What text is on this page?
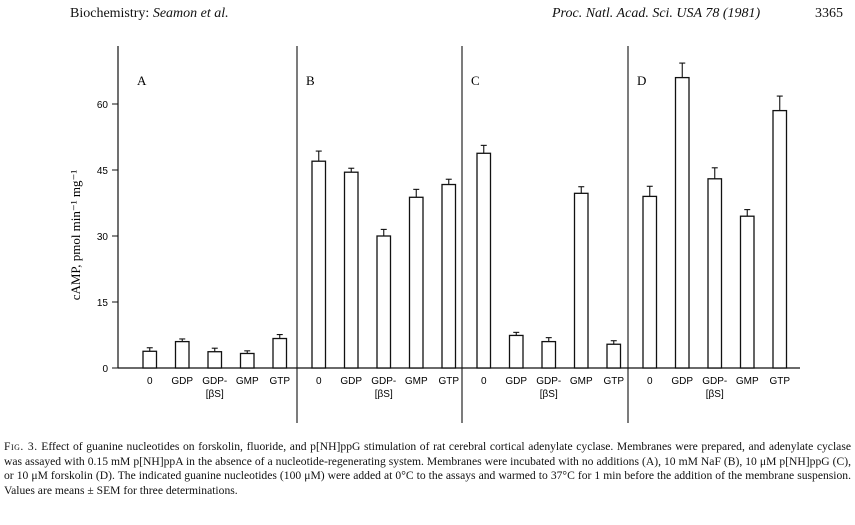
Biochemistry: Seamon et al.	Proc. Natl. Acad. Sci. USA 78 (1981)	3365
0
15
30
45
60
A
0 GDP GDP-
[βS]
GMP GTP
B
0 GDP GDP-
[βS]
GMP GTP
C
0 GDP GDP-
[βS]
GMP GTP
D
0 GDP GDP-
[βS]
GMP GTP
cAMP, pmol min⁻¹ mg⁻¹
Fig. 3. Effect of guanine nucleotides on forskolin, fluoride, and p[NH]ppG stimulation of rat cerebral cortical adenylate cyclase. Membranes were prepared, and adenylate cyclase was assayed with 0.15 mM p[NH]ppA in the absence of a nucleotide-regenerating system. Membranes were incubated with no additions (A), 10 mM NaF (B), 10 μM p[NH]ppG (C), or 10 μM forskolin (D). The indicated guanine nucleotides (100 μM) were added at 0°C to the assays and warmed to 37°C for 1 min before the addition of the membrane suspension. Values are means ± SEM for three determinations.
